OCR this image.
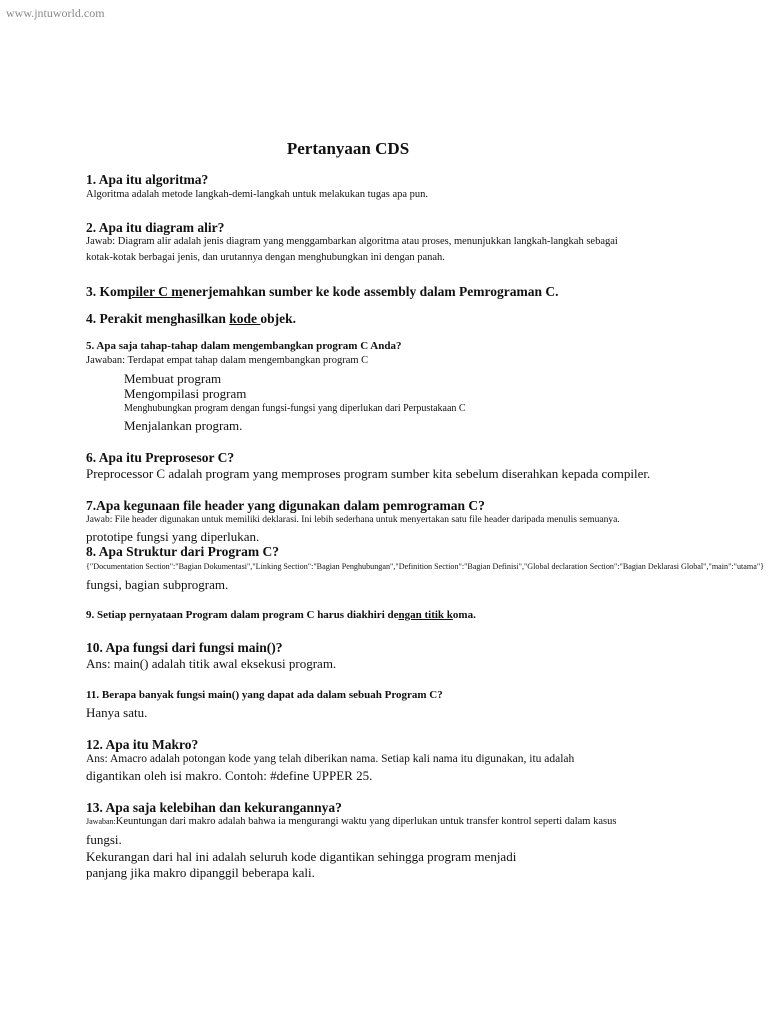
www.jntuworld.com
Pertanyaan CDS
1. Apa itu algoritma?
Algoritma adalah metode langkah-demi-langkah untuk melakukan tugas apa pun.
2. Apa itu diagram alir?
Jawab: Diagram alir adalah jenis diagram yang menggambarkan algoritma atau proses, menunjukkan langkah-langkah sebagai
kotak-kotak berbagai jenis, dan urutannya dengan menghubungkan ini dengan panah.
3. Kompiler C menerjemahkan sumber ke kode assembly dalam Pemrograman C.
4. Perakit menghasilkan kode objek.
5. Apa saja tahap-tahap dalam mengembangkan program C Anda?
Jawaban: Terdapat empat tahap dalam mengembangkan program C
Membuat program
Mengompilasi program
Menghubungkan program dengan fungsi-fungsi yang diperlukan dari Perpustakaan C
Menjalankan program.
6. Apa itu Preprosesor C?
Preprocessor C adalah program yang memproses program sumber kita sebelum diserahkan kepada compiler.
7.Apa kegunaan file header yang digunakan dalam pemrograman C?
Jawab: File header digunakan untuk memiliki deklarasi. Ini lebih sederhana untuk menyertakan satu file header daripada menulis semuanya.
prototipe fungsi yang diperlukan.
8. Apa Struktur dari Program C?
{"Documentation Section":"Bagian Dokumentasi","Linking Section":"Bagian Penghubungan","Definition Section":"Bagian Definisi","Global declaration Section":"Bagian Deklarasi Global","main":"utama"}
fungsi, bagian subprogram.
9. Setiap pernyataan Program dalam program C harus diakhiri dengan titik koma.
10. Apa fungsi dari fungsi main()?
Ans: main() adalah titik awal eksekusi program.
11. Berapa banyak fungsi main() yang dapat ada dalam sebuah Program C?
Hanya satu.
12. Apa itu Makro?
Ans: Amacro adalah potongan kode yang telah diberikan nama. Setiap kali nama itu digunakan, itu adalah
digantikan oleh isi makro. Contoh: #define UPPER 25.
13. Apa saja kelebihan dan kekurangannya?
Jawaban:Keuntungan dari makro adalah bahwa ia mengurangi waktu yang diperlukan untuk transfer kontrol seperti dalam kasus
fungsi.
Kekurangan dari hal ini adalah seluruh kode digantikan sehingga program menjadi
panjang jika makro dipanggil beberapa kali.
